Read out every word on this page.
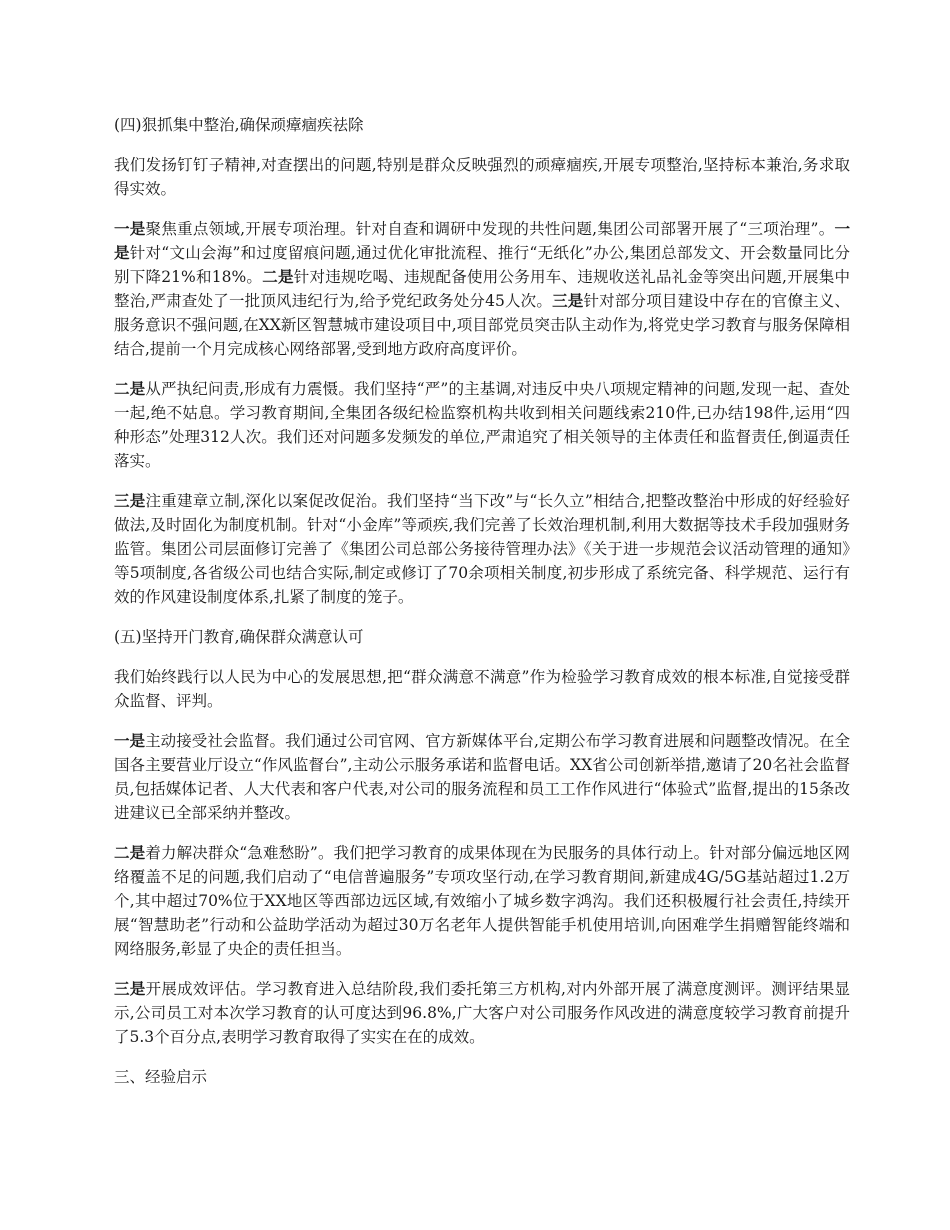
(四)狠抓集中整治,确保顽瘴痼疾祛除

我们发扬钉钉子精神,对查摆出的问题,特别是群众反映强烈的顽瘴痼疾,开展专项整治,坚持标本兼治,务求取得实效。

一是聚焦重点领域,开展专项治理。针对自查和调研中发现的共性问题,集团公司部署开展了“三项治理”。一是针对“文山会海”和过度留痕问题,通过优化审批流程、推行“无纸化”办公,集团总部发文、开会数量同比分别下降21%和18%。二是针对违规吃喝、违规配备使用公务用车、违规收送礼品礼金等突出问题,开展集中整治,严肃查处了一批顶风违纪行为,给予党纪政务处分45人次。三是针对部分项目建设中存在的官僚主义、服务意识不强问题,在XX新区智慧城市建设项目中,项目部党员突击队主动作为,将党史学习教育与服务保障相结合,提前一个月完成核心网络部署,受到地方政府高度评价。

二是从严执纪问责,形成有力震慑。我们坚持“严”的主基调,对违反中央八项规定精神的问题,发现一起、查处一起,绝不姑息。学习教育期间,全集团各级纪检监察机构共收到相关问题线索210件,已办结198件,运用“四种形态”处理312人次。我们还对问题多发频发的单位,严肃追究了相关领导的主体责任和监督责任,倒逼责任落实。

三是注重建章立制,深化以案促改促治。我们坚持“当下改”与“长久立”相结合,把整改整治中形成的好经验好做法,及时固化为制度机制。针对“小金库”等顽疾,我们完善了长效治理机制,利用大数据等技术手段加强财务监管。集团公司层面修订完善了《集团公司总部公务接待管理办法》《关于进一步规范会议活动管理的通知》等5项制度,各省级公司也结合实际,制定或修订了70余项相关制度,初步形成了系统完备、科学规范、运行有效的作风建设制度体系,扎紧了制度的笼子。

(五)坚持开门教育,确保群众满意认可

我们始终践行以人民为中心的发展思想,把“群众满意不满意”作为检验学习教育成效的根本标准,自觉接受群众监督、评判。

一是主动接受社会监督。我们通过公司官网、官方新媒体平台,定期公布学习教育进展和问题整改情况。在全国各主要营业厅设立“作风监督台”,主动公示服务承诺和监督电话。XX省公司创新举措,邀请了20名社会监督员,包括媒体记者、人大代表和客户代表,对公司的服务流程和员工工作作风进行“体验式”监督,提出的15条改进建议已全部采纳并整改。

二是着力解决群众“急难愁盼”。我们把学习教育的成果体现在为民服务的具体行动上。针对部分偏远地区网络覆盖不足的问题,我们启动了“电信普遍服务”专项攻坚行动,在学习教育期间,新建成4G/5G基站超过1.2万个,其中超过70%位于XX地区等西部边远区域,有效缩小了城乡数字鸿沟。我们还积极履行社会责任,持续开展“智慧助老”行动和公益助学活动为超过30万名老年人提供智能手机使用培训,向困难学生捐赠智能终端和网络服务,彰显了央企的责任担当。

三是开展成效评估。学习教育进入总结阶段,我们委托第三方机构,对内外部开展了满意度测评。测评结果显示,公司员工对本次学习教育的认可度达到96.8%,广大客户对公司服务作风改进的满意度较学习教育前提升了5.3个百分点,表明学习教育取得了实实在在的成效。

三、经验启示
